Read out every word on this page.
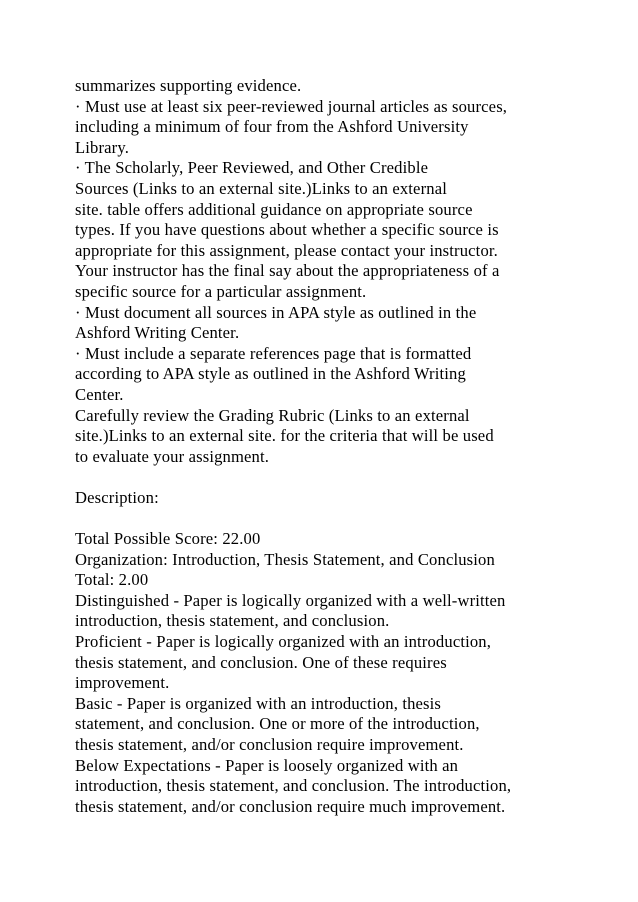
summarizes supporting evidence.
· Must use at least six peer-reviewed journal articles as sources,
including a minimum of four from the Ashford University
Library.
· The Scholarly, Peer Reviewed, and Other Credible
Sources (Links to an external site.)Links to an external
site. table offers additional guidance on appropriate source
types. If you have questions about whether a specific source is
appropriate for this assignment, please contact your instructor.
Your instructor has the final say about the appropriateness of a
specific source for a particular assignment.
· Must document all sources in APA style as outlined in the
Ashford Writing Center.
· Must include a separate references page that is formatted
according to APA style as outlined in the Ashford Writing
Center.
Carefully review the Grading Rubric (Links to an external
site.)Links to an external site. for the criteria that will be used
to evaluate your assignment.
Description:
Total Possible Score: 22.00
Organization: Introduction, Thesis Statement, and Conclusion
Total: 2.00
Distinguished - Paper is logically organized with a well-written
introduction, thesis statement, and conclusion.
Proficient - Paper is logically organized with an introduction,
thesis statement, and conclusion. One of these requires
improvement.
Basic - Paper is organized with an introduction, thesis
statement, and conclusion. One or more of the introduction,
thesis statement, and/or conclusion require improvement.
Below Expectations - Paper is loosely organized with an
introduction, thesis statement, and conclusion. The introduction,
thesis statement, and/or conclusion require much improvement.
